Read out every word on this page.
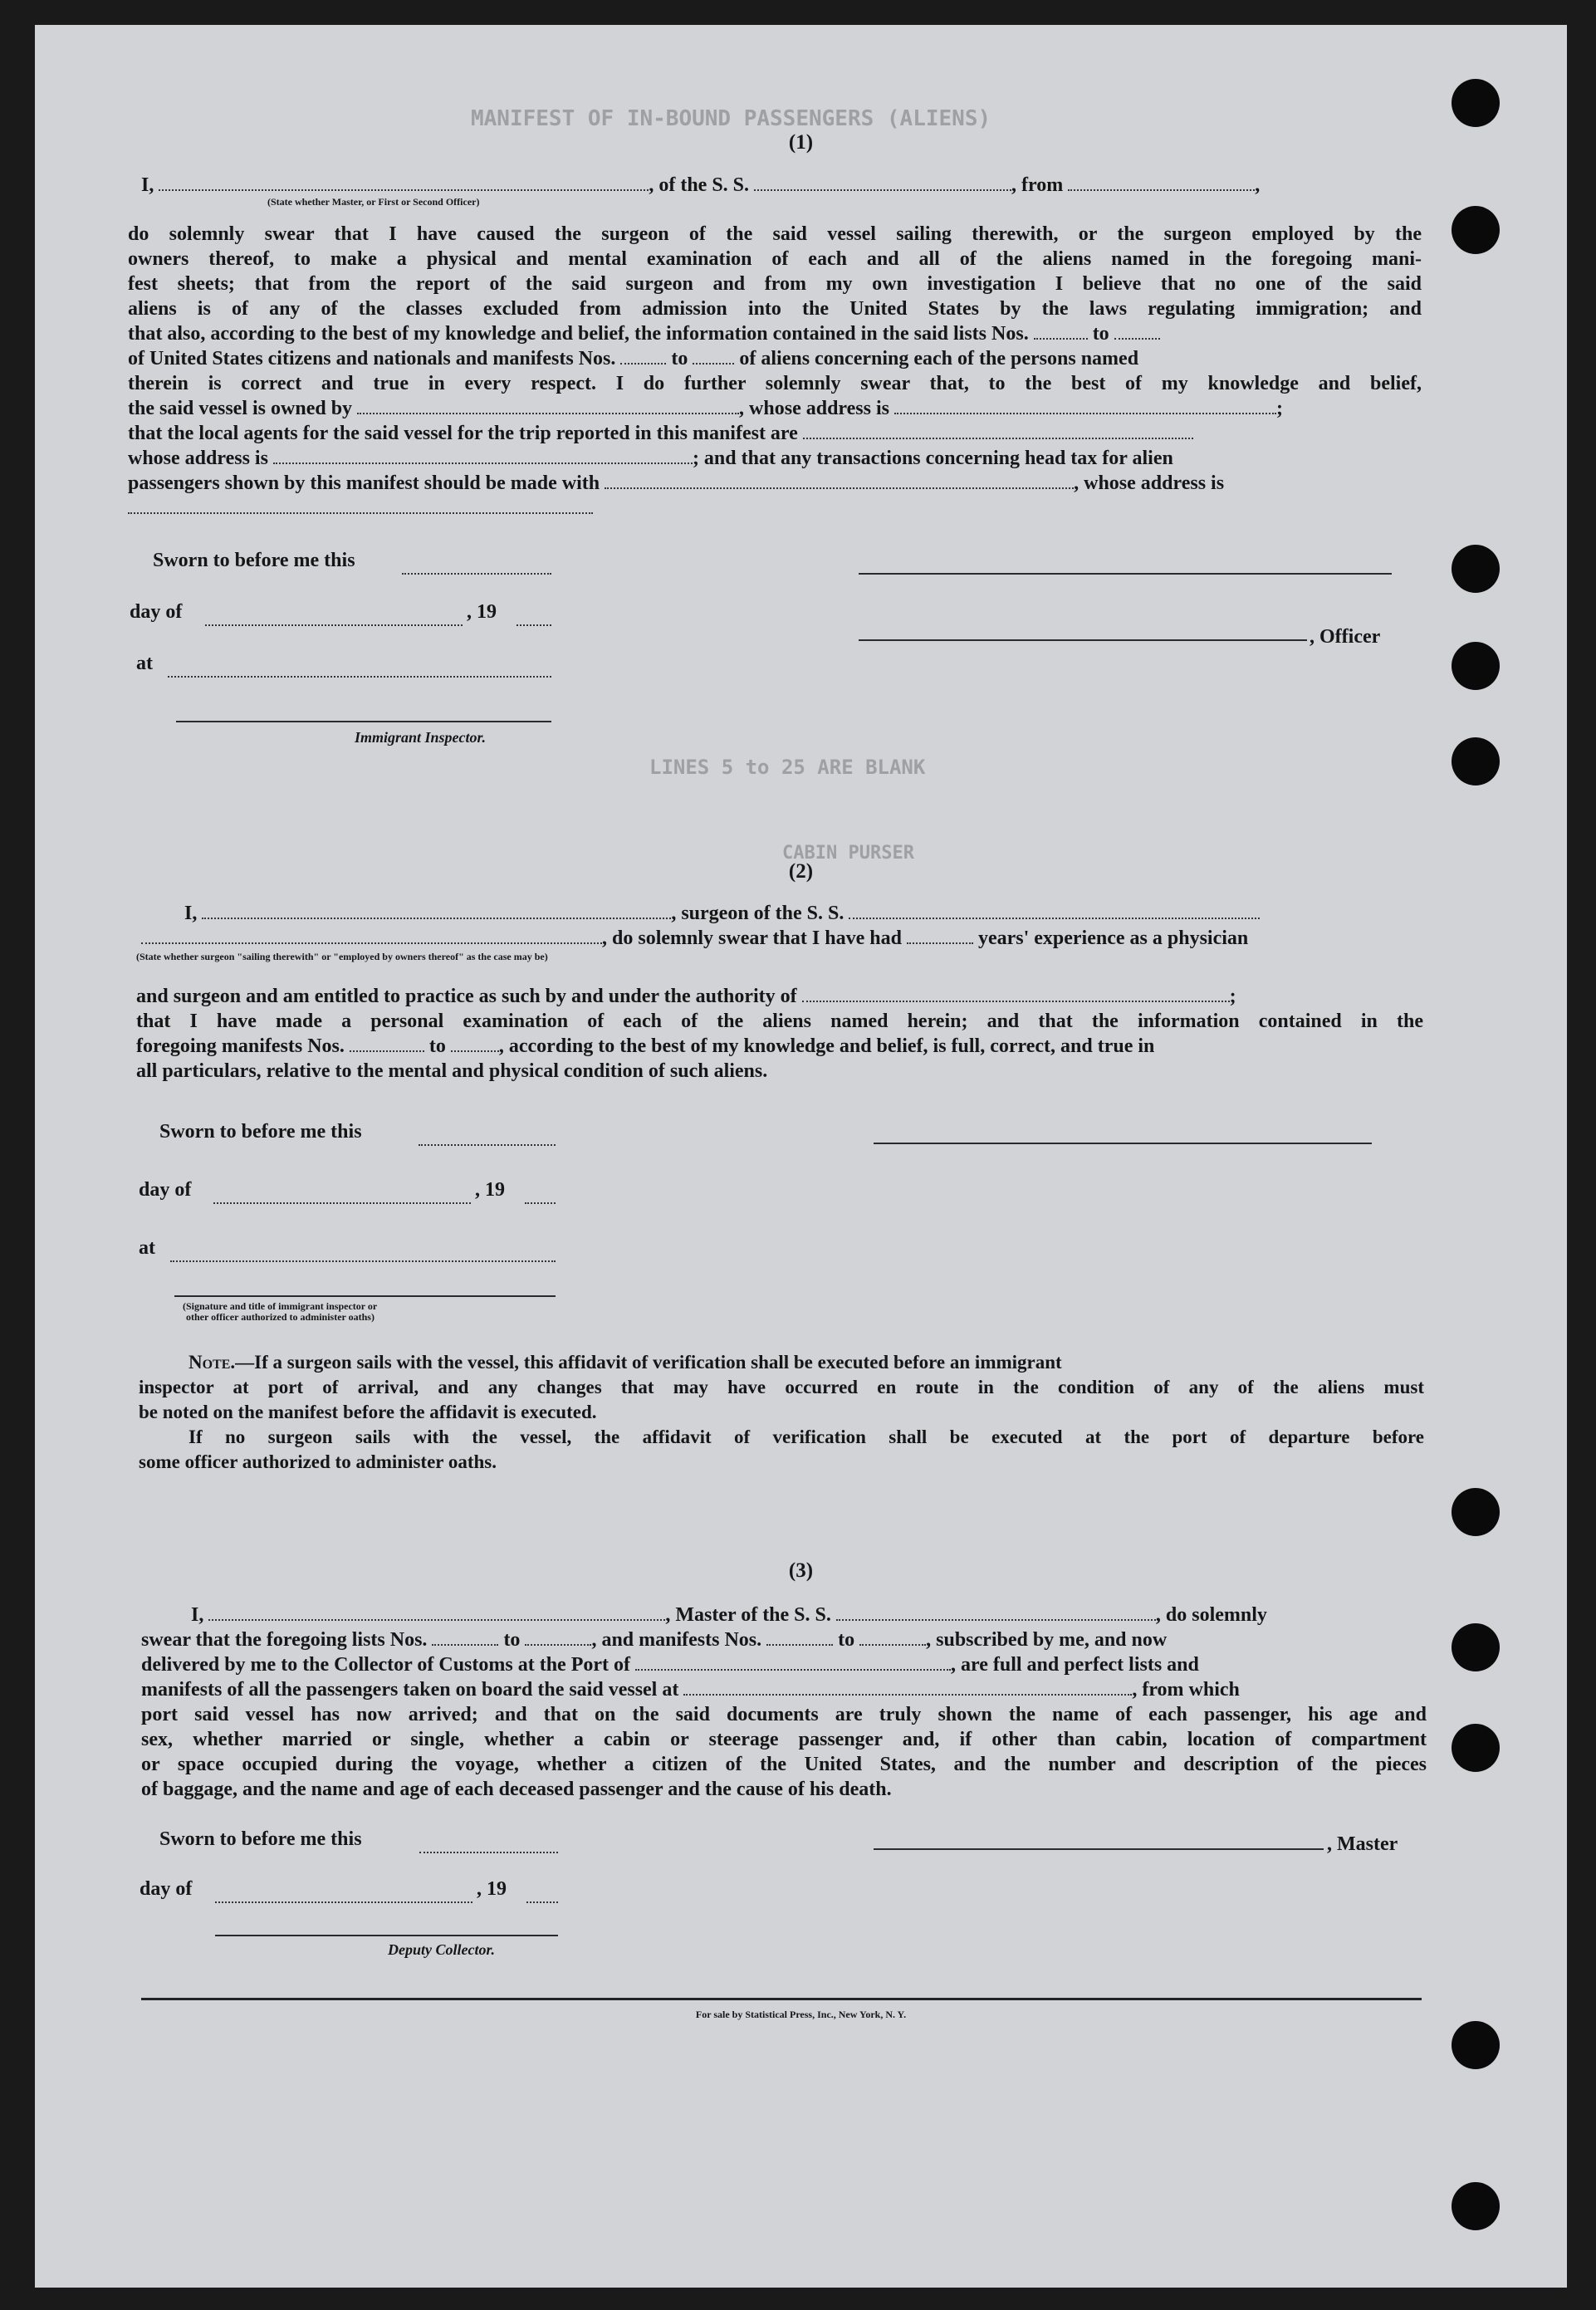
MANIFEST OF IN-BOUND PASSENGERS (ALIENS)
LINES 5 to 25 ARE BLANK
CABIN PURSER
(1)
I,	, of the S. S.	, from	,
(State whether Master, or First or Second Officer)
do solemnly swear that I have caused the surgeon of the said vessel sailing therewith, or the surgeon employed by the
owners thereof, to make a physical and mental examination of each and all of the aliens named in the foregoing mani-
fest sheets; that from the report of the said surgeon and from my own investigation I believe that no one of the said
aliens is of any of the classes excluded from admission into the United States by the laws regulating immigration; and
that also, according to the best of my knowledge and belief, the information contained in the said lists Nos.	to
of United States citizens and nationals and manifests Nos.	to	of aliens concerning each of the persons named
therein is correct and true in every respect. I do further solemnly swear that, to the best of my knowledge and belief,
the said vessel is owned by	, whose address is	;
that the local agents for the said vessel for the trip reported in this manifest are
whose address is	; and that any transactions concerning head tax for alien
passengers shown by this manifest should be made with	, whose address is
Sworn to before me this
day of	, 19
, Officer
at
Immigrant Inspector.
(2)
I,	, surgeon of the S. S.
, do solemnly swear that I have had	years' experience as a physician
(State whether surgeon "sailing therewith" or "employed by owners thereof" as the case may be)
and surgeon and am entitled to practice as such by and under the authority of	;
that I have made a personal examination of each of the aliens named herein; and that the information contained in the
foregoing manifests Nos.	to	, according to the best of my knowledge and belief, is full, correct, and true in
all particulars, relative to the mental and physical condition of such aliens.
Sworn to before me this
day of	, 19
at
(Signature and title of immigrant inspector or
other officer authorized to administer oaths)
Note.—If a surgeon sails with the vessel, this affidavit of verification shall be executed before an immigrant
inspector at port of arrival, and any changes that may have occurred en route in the condition of any of the aliens must
be noted on the manifest before the affidavit is executed.
If no surgeon sails with the vessel, the affidavit of verification shall be executed at the port of departure before
some officer authorized to administer oaths.
(3)
I,	, Master of the S. S.	, do solemnly
swear that the foregoing lists Nos.	to	, and manifests Nos.	to	, subscribed by me, and now
delivered by me to the Collector of Customs at the Port of	, are full and perfect lists and
manifests of all the passengers taken on board the said vessel at	, from which
port said vessel has now arrived; and that on the said documents are truly shown the name of each passenger, his age and
sex, whether married or single, whether a cabin or steerage passenger and, if other than cabin, location of compartment
or space occupied during the voyage, whether a citizen of the United States, and the number and description of the pieces
of baggage, and the name and age of each deceased passenger and the cause of his death.
Sworn to before me this	, Master
day of	, 19
Deputy Collector.
For sale by Statistical Press, Inc., New York, N. Y.
